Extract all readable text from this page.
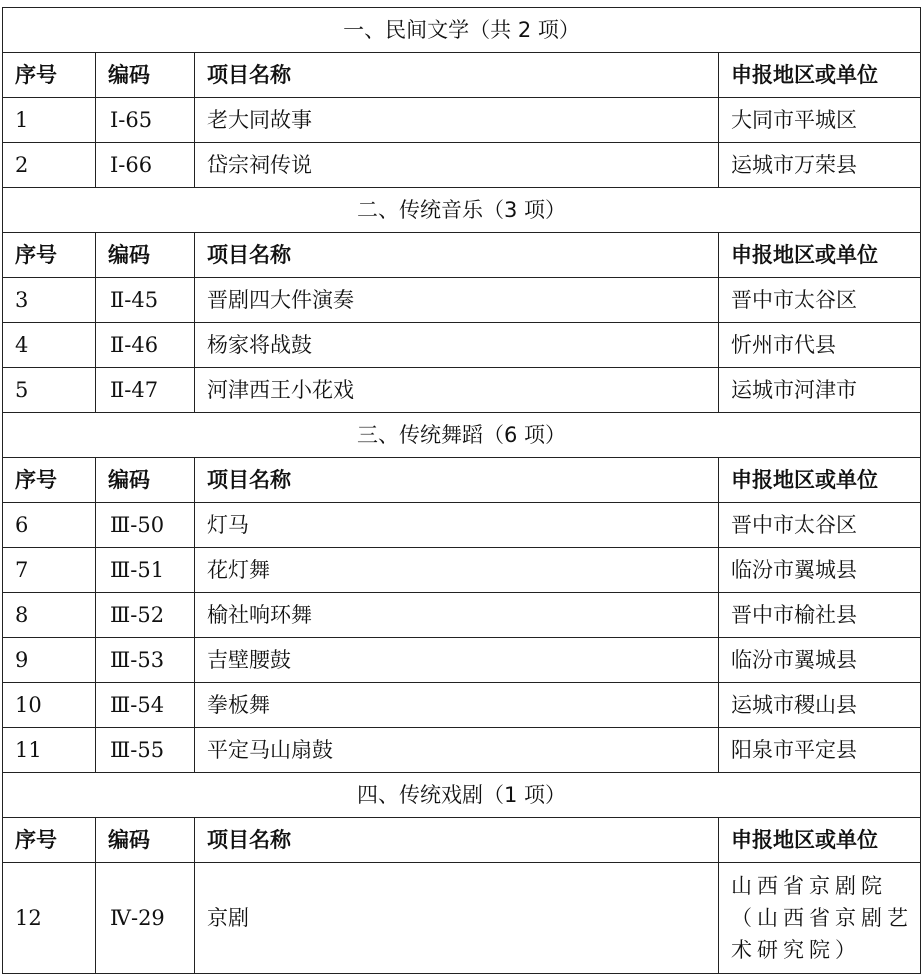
一、民间文学（共 2 项）			
序号	编码	项目名称	申报地区或单位
1	Ⅰ-65	老大同故事	大同市平城区
2	Ⅰ-66	岱宗祠传说	运城市万荣县
二、传统音乐（3 项）			
序号	编码	项目名称	申报地区或单位
3	Ⅱ-45	晋剧四大件演奏	晋中市太谷区
4	Ⅱ-46	杨家将战鼓	忻州市代县
5	Ⅱ-47	河津西王小花戏	运城市河津市
三、传统舞蹈（6 项）			
序号	编码	项目名称	申报地区或单位
6	Ⅲ-50	灯马	晋中市太谷区
7	Ⅲ-51	花灯舞	临汾市翼城县
8	Ⅲ-52	榆社响环舞	晋中市榆社县
9	Ⅲ-53	吉壁腰鼓	临汾市翼城县
10	Ⅲ-54	拳板舞	运城市稷山县
11	Ⅲ-55	平定马山扇鼓	阳泉市平定县
四、传统戏剧（1 项）			
序号	编码	项目名称	申报地区或单位
12	Ⅳ-29	京剧	山西省京剧院（山西省京剧艺术研究院）
